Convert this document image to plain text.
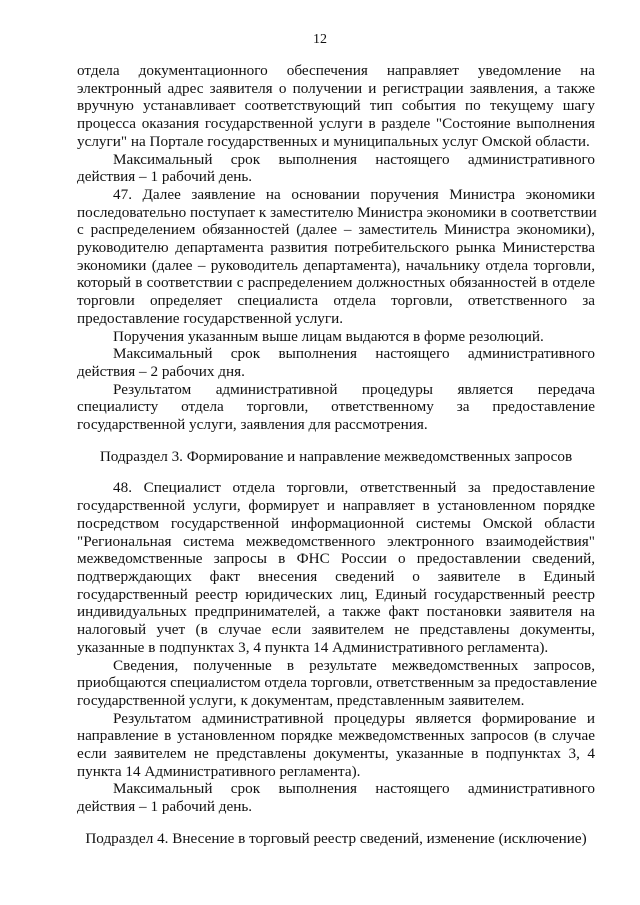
12
отдела документационного обеспечения направляет уведомление на
электронный адрес заявителя о получении и регистрации заявления, а также
вручную устанавливает соответствующий тип события по текущему шагу
процесса оказания государственной услуги в разделе "Состояние выполнения
услуги" на Портале государственных и муниципальных услуг Омской области.
Максимальный срок выполнения настоящего административного
действия – 1 рабочий день.
47. Далее заявление на основании поручения Министра экономики
последовательно поступает к заместителю Министра экономики в соответствии
с распределением обязанностей (далее – заместитель Министра экономики),
руководителю департамента развития потребительского рынка Министерства
экономики (далее – руководитель департамента), начальнику отдела торговли,
который в соответствии с распределением должностных обязанностей в отделе
торговли определяет специалиста отдела торговли, ответственного за
предоставление государственной услуги.
Поручения указанным выше лицам выдаются в форме резолюций.
Максимальный срок выполнения настоящего административного
действия – 2 рабочих дня.
Результатом административной процедуры является передача
специалисту отдела торговли, ответственному за предоставление
государственной услуги, заявления для рассмотрения.
Подраздел 3. Формирование и направление межведомственных запросов
48. Специалист отдела торговли, ответственный за предоставление
государственной услуги, формирует и направляет в установленном порядке
посредством государственной информационной системы Омской области
"Региональная система межведомственного электронного взаимодействия"
межведомственные запросы в ФНС России о предоставлении сведений,
подтверждающих факт внесения сведений о заявителе в Единый
государственный реестр юридических лиц, Единый государственный реестр
индивидуальных предпринимателей, а также факт постановки заявителя на
налоговый учет (в случае если заявителем не представлены документы,
указанные в подпунктах 3, 4 пункта 14 Административного регламента).
Сведения, полученные в результате межведомственных запросов,
приобщаются специалистом отдела торговли, ответственным за предоставление
государственной услуги, к документам, представленным заявителем.
Результатом административной процедуры является формирование и
направление в установленном порядке межведомственных запросов (в случае
если заявителем не представлены документы, указанные в подпунктах 3, 4
пункта 14 Административного регламента).
Максимальный срок выполнения настоящего административного
действия – 1 рабочий день.
Подраздел 4. Внесение в торговый реестр сведений, изменение (исключение)
